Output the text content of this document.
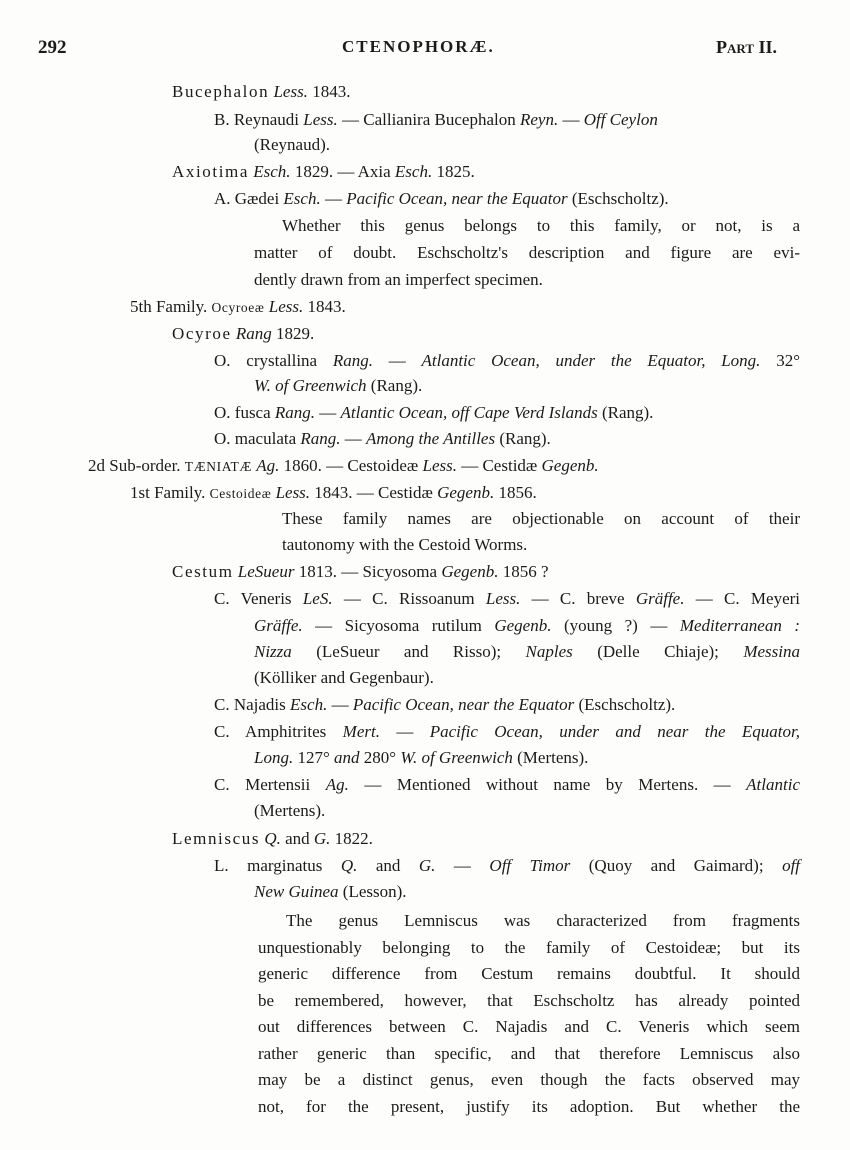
292	CTENOPHORÆ.	Part II.
Bucephalon Less. 1843.
B. Reynaudi Less. — Callianira Bucephalon Reyn. — Off Ceylon
(Reynaud).
Axiotima Esch. 1829. — Axia Esch. 1825.
A. Gædei Esch. — Pacific Ocean, near the Equator (Eschscholtz).
Whether this genus belongs to this family, or not, is a
matter of doubt. Eschscholtz's description and figure are evi-
dently drawn from an imperfect specimen.
5th Family. Ocyroeæ Less. 1843.
Ocyroe Rang 1829.
O. crystallina Rang. — Atlantic Ocean, under the Equator, Long. 32°
W. of Greenwich (Rang).
O. fusca Rang. — Atlantic Ocean, off Cape Verd Islands (Rang).
O. maculata Rang. — Among the Antilles (Rang).
2d Sub-order. TÆNIATÆ Ag. 1860. — Cestoideæ Less. — Cestidæ Gegenb.
1st Family. Cestoideæ Less. 1843. — Cestidæ Gegenb. 1856.
These family names are objectionable on account of their
tautonomy with the Cestoid Worms.
Cestum LeSueur 1813. — Sicyosoma Gegenb. 1856 ?
C. Veneris LeS. — C. Rissoanum Less. — C. breve Gräffe. — C. Meyeri
Gräffe. — Sicyosoma rutilum Gegenb. (young ?) — Mediterranean :
Nizza (LeSueur and Risso); Naples (Delle Chiaje); Messina
(Kölliker and Gegenbaur).
C. Najadis Esch. — Pacific Ocean, near the Equator (Eschscholtz).
C. Amphitrites Mert. — Pacific Ocean, under and near the Equator,
Long. 127° and 280° W. of Greenwich (Mertens).
C. Mertensii Ag. — Mentioned without name by Mertens. — Atlantic
(Mertens).
Lemniscus Q. and G. 1822.
L. marginatus Q. and G. — Off Timor (Quoy and Gaimard); off
New Guinea (Lesson).
The genus Lemniscus was characterized from fragments
unquestionably belonging to the family of Cestoideæ; but its
generic difference from Cestum remains doubtful. It should
be remembered, however, that Eschscholtz has already pointed
out differences between C. Najadis and C. Veneris which seem
rather generic than specific, and that therefore Lemniscus also
may be a distinct genus, even though the facts observed may
not, for the present, justify its adoption. But whether the
